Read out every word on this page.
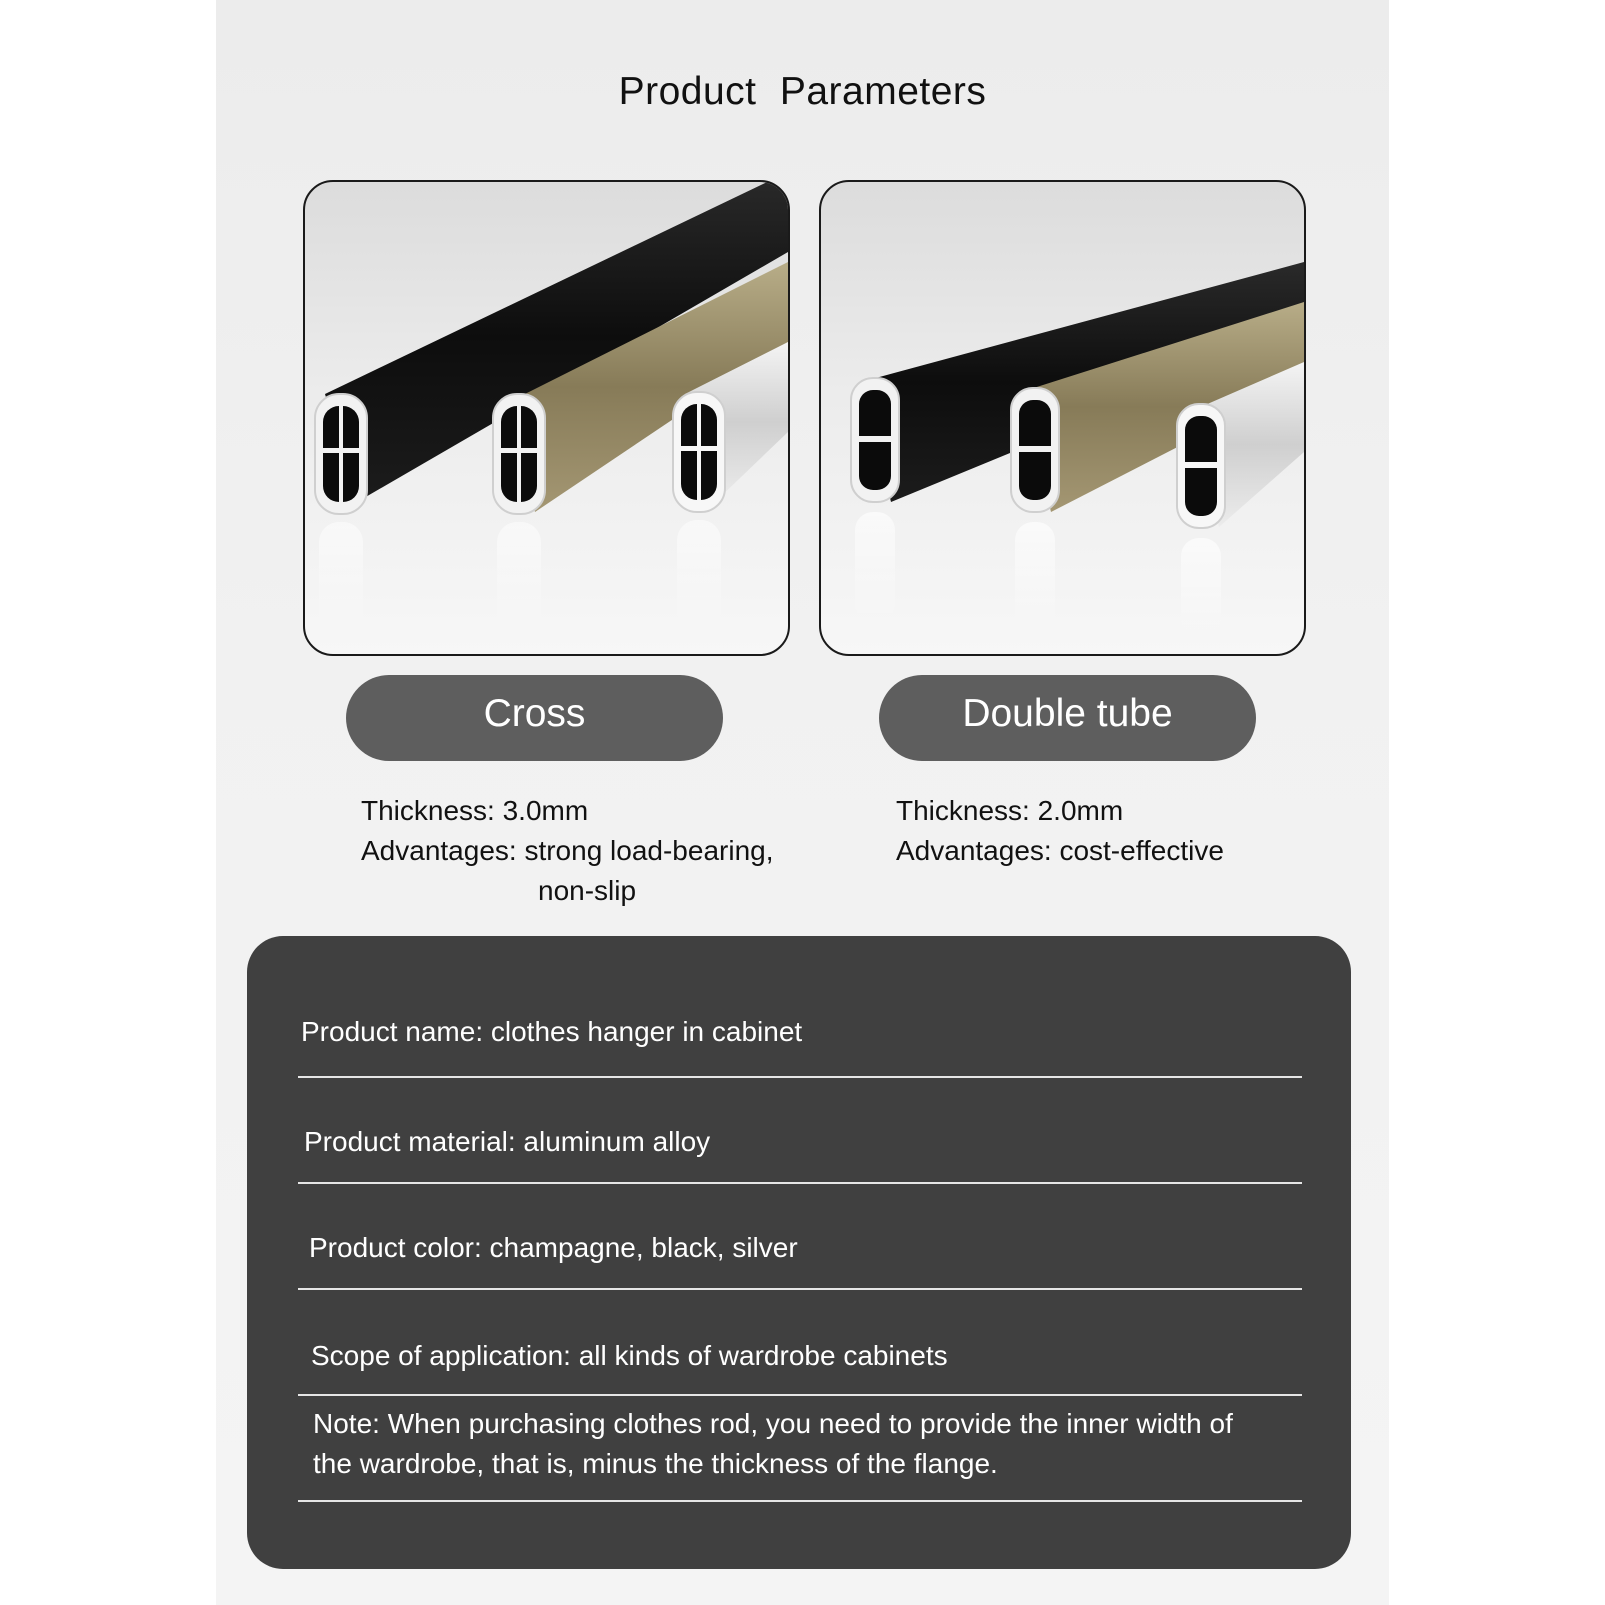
Product Parameters
Cross	Double tube
Thickness: 3.0mm
Advantages: strong load-bearing,
non-slip
Thickness: 2.0mm
Advantages: cost-effective
Product name: clothes hanger in cabinet
Product material: aluminum alloy
Product color: champagne, black, silver
Scope of application: all kinds of wardrobe cabinets
Note: When purchasing clothes rod, you need to provide the inner width of
the wardrobe, that is, minus the thickness of the flange.
